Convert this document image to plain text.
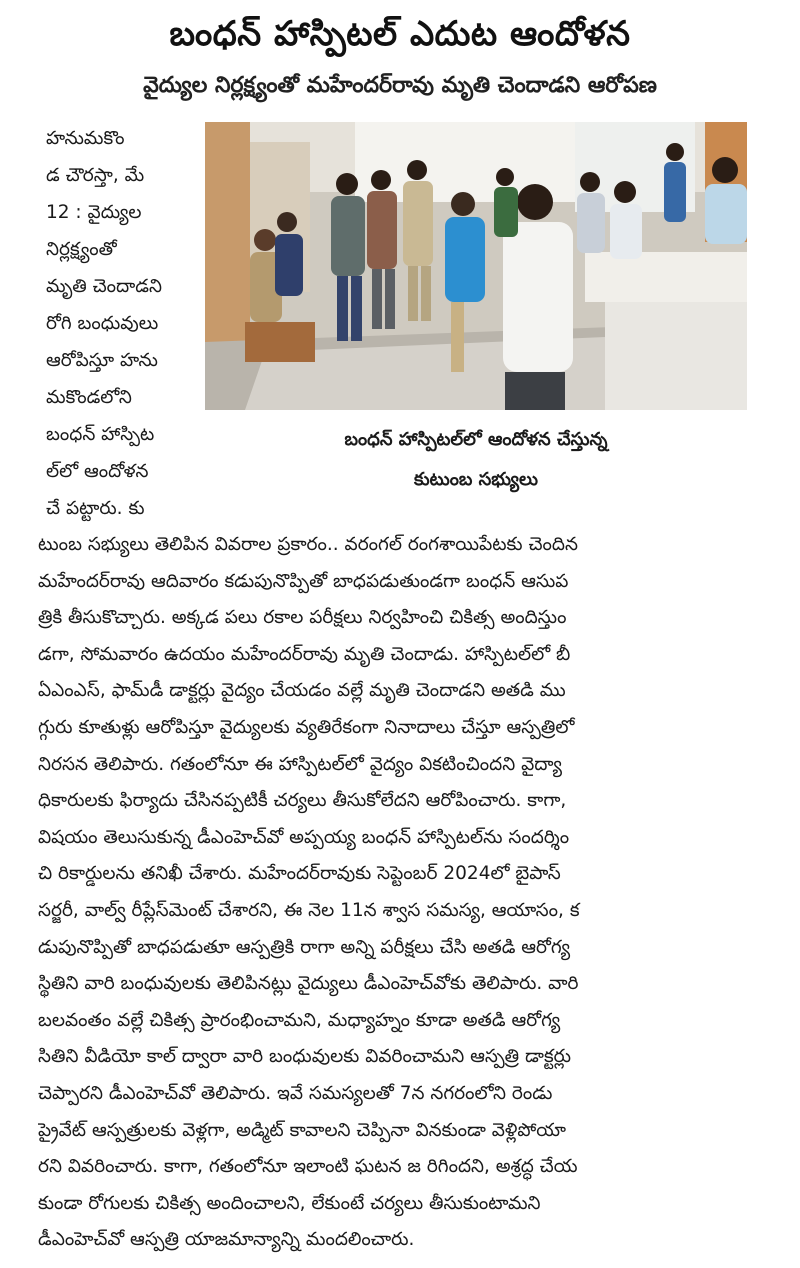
బంధన్ హాస్పిటల్ ఎదుట ఆందోళన
వైద్యుల నిర్లక్ష్యంతో మహేందర్‌రావు మృతి చెందాడని ఆరోపణ
హనుమకొం
డ చౌరస్తా, మే
12 : వైద్యుల
నిర్లక్ష్యంతో
మృతి చెందాడని
రోగి బంధువులు
ఆరోపిస్తూ హను
మకొండలోని
బంధన్ హాస్పిట
ల్‌లో ఆందోళన
చే పట్టారు. కు
బంధన్ హాస్పిటల్‌లో ఆందోళన చేస్తున్న
కుటుంబ సభ్యులు
టుంబ సభ్యులు తెలిపిన వివరాల ప్రకారం.. వరంగల్ రంగశాయిపేటకు చెందిన
మహేందర్‌రావు ఆదివారం కడుపునొప్పితో బాధపడుతుండగా బంధన్ ఆసుప
త్రికి తీసుకొచ్చారు. అక్కడ పలు రకాల పరీక్షలు నిర్వహించి చికిత్స అందిస్తుం
డగా, సోమవారం ఉదయం మహేందర్‌రావు మృతి చెందాడు. హాస్పిటల్‌లో బీ
ఏఎంఎస్, ఫామ్‌డీ డాక్టర్లు వైద్యం చేయడం వల్లే మృతి చెందాడని అతడి ము
గ్గురు కూతుళ్లు ఆరోపిస్తూ వైద్యులకు వ్యతిరేకంగా నినాదాలు చేస్తూ ఆస్పత్రిలో
నిరసన తెలిపారు. గతంలోనూ ఈ హాస్పిటల్‌లో వైద్యం వికటించిందని వైద్యా
ధికారులకు ఫిర్యాదు చేసినప్పటికీ చర్యలు తీసుకోలేదని ఆరోపించారు. కాగా,
విషయం తెలుసుకున్న డీఎంహెచ్‌వో అప్పయ్య బంధన్ హాస్పిటల్‌ను సందర్శిం
చి రికార్డులను తనిఖీ చేశారు. మహేందర్‌రావుకు సెప్టెంబర్ 2024లో బైపాస్
సర్జరీ, వాల్వ్ రీప్లేస్‌మెంట్ చేశారని, ఈ నెల 11న శ్వాస సమస్య, ఆయాసం, క
డుపునొప్పితో బాధపడుతూ ఆస్పత్రికి రాగా అన్ని పరీక్షలు చేసి అతడి ఆరోగ్య
స్థితిని వారి బంధువులకు తెలిపినట్లు వైద్యులు డీఎంహెచ్‌వోకు తెలిపారు. వారి
బలవంతం వల్లే చికిత్స ప్రారంభించామని, మధ్యాహ్నం కూడా అతడి ఆరోగ్య
సితిని వీడియో కాల్ ద్వారా వారి బంధువులకు వివరించామని ఆస్పత్రి డాక్టర్లు
చెప్పారని డీఎంహెచ్‌వో తెలిపారు. ఇవే సమస్యలతో 7న నగరంలోని రెండు
ప్రైవేట్ ఆస్పత్రులకు వెళ్లగా, అడ్మిట్ కావాలని చెప్పినా వినకుండా వెళ్లిపోయా
రని వివరించారు. కాగా, గతంలోనూ ఇలాంటి ఘటన జ రిగిందని, అశ్రద్ధ చేయ
కుండా రోగులకు చికిత్స అందించాలని, లేకుంటే చర్యలు తీసుకుంటామని
డీఎంహెచ్‌వో ఆస్పత్రి యాజమాన్యాన్ని మందలించారు.
